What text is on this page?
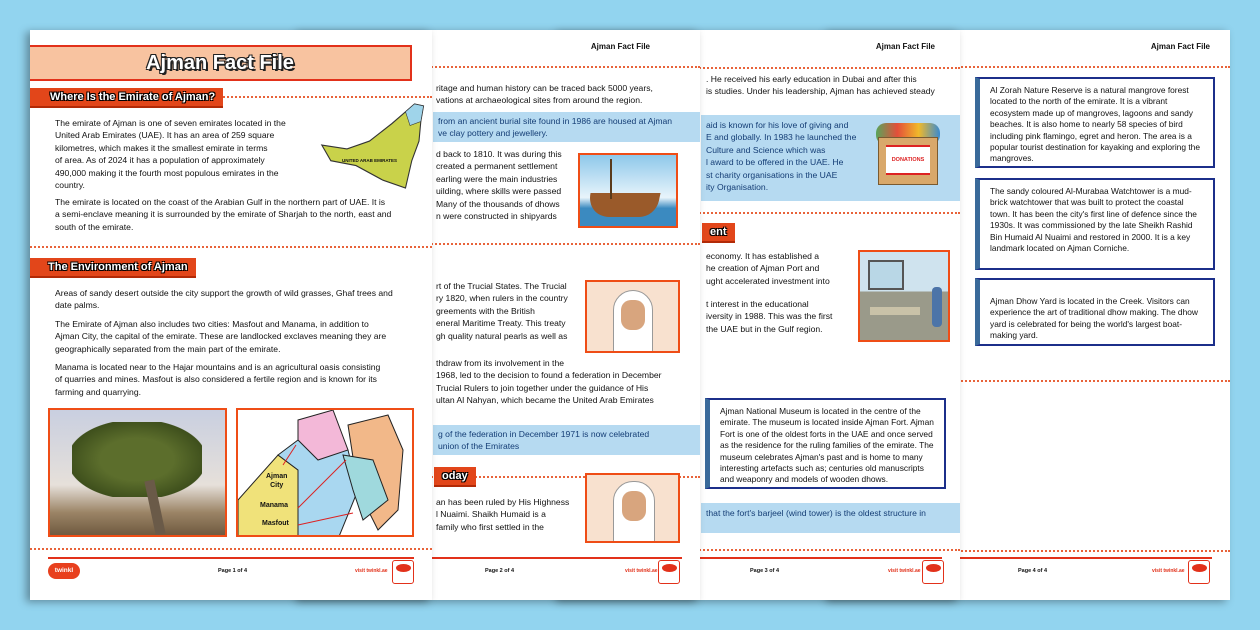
Ajman Fact File
Al Zorah Nature Reserve is a natural mangrove forest located to the north of the emirate. It is a vibrant ecosystem made up of mangroves, lagoons and sandy beaches. It is also home to nearly 58 species of bird including pink flamingo, egret and heron. The area is a popular tourist destination for kayaking and exploring the mangroves.
The sandy coloured Al-Murabaa Watchtower is a mud-brick watchtower that was built to protect the coastal town. It has been the city's first line of defence since the 1930s. It was commissioned by the late Sheikh Rashid Bin Humaid Al Nuaimi and restored in 2000. It is a key landmark located on Ajman Corniche.
Ajman Dhow Yard is located in the Creek. Visitors can experience the art of traditional dhow making. The dhow yard is celebrated for being the world's largest boat-making yard.
Page 4 of 4	visit twinkl.ae
Ajman Fact File
. He received his early education in Dubai and after this
is studies. Under his leadership, Ajman has achieved steady
aid is known for his love of giving and
E and globally. In 1983 he launched the
Culture and Science which was
l award to be offered in the UAE. He
st charity organisations in the UAE
ity Organisation.
DONATIONS
ent
economy. It has established a
he creation of Ajman Port and
ught accelerated investment into
t interest in the educational
iversity in 1988. This was the first
the UAE but in the Gulf region.
Ajman National Museum is located in the centre of the emirate. The museum is located inside Ajman Fort. Ajman Fort is one of the oldest forts in the UAE and once served as the residence for the ruling families of the emirate. The museum celebrates Ajman's past and is home to many interesting artefacts such as; centuries old manuscripts and weaponry and models of wooden dhows.
that the fort's barjeel (wind tower) is the oldest structure in
Page 3 of 4	visit twinkl.ae
Ajman Fact File
ritage and human history can be traced back 5000 years,
vations at archaeological sites from around the region.
from an ancient burial site found in 1986 are housed at Ajman
ve clay pottery and jewellery.
d back to 1810. It was during this
created a permanent settlement
earling were the main industries
uilding, where skills were passed
Many of the thousands of dhows
n were constructed in shipyards
rt of the Trucial States. The Trucial
ry 1820, when rulers in the country
greements with the British
eneral Maritime Treaty. This treaty
gh quality natural pearls as well as
thdraw from its involvement in the
1968, led to the decision to found a federation in December
Trucial Rulers to join together under the guidance of His
ultan Al Nahyan, which became the United Arab Emirates
g of the federation in December 1971 is now celebrated
union of the Emirates
oday
an has been ruled by His Highness
l Nuaimi. Shaikh Humaid is a
family who first settled in the
Page 2 of 4	visit twinkl.ae
Ajman Fact File
Where Is the Emirate of Ajman?
The emirate of Ajman is one of seven emirates located in the
United Arab Emirates (UAE). It has an area of 259 square
kilometres, which makes it the smallest emirate in terms
of area. As of 2024 it has a population of approximately
490,000 making it the fourth most populous emirates in the
country.
UNITED ARAB EMIRATES
The emirate is located on the coast of the Arabian Gulf in the northern part of UAE. It is
a semi-enclave meaning it is surrounded by the emirate of Sharjah to the north, east and
south of the emirate.
The Environment of Ajman
Areas of sandy desert outside the city support the growth of wild grasses, Ghaf trees and
date palms.
The Emirate of Ajman also includes two cities: Masfout and Manama, in addition to
Ajman City, the capital of the emirate. These are landlocked exclaves meaning they are
geographically separated from the main part of the emirate.
Manama is located near to the Hajar mountains and is an agricultural oasis consisting
of quarries and mines. Masfout is also considered a fertile region and is known for its
farming and quarrying.
Ajman
City
Manama
Masfout
twinkl	Page 1 of 4	visit twinkl.ae
